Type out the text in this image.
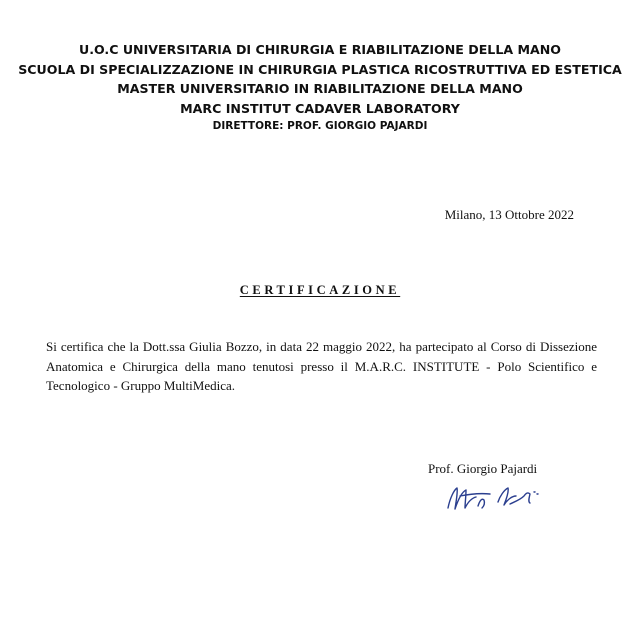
U.O.C UNIVERSITARIA DI CHIRURGIA E RIABILITAZIONE DELLA MANO
SCUOLA DI SPECIALIZZAZIONE IN CHIRURGIA PLASTICA RICOSTRUTTIVA ED ESTETICA
MASTER UNIVERSITARIO IN RIABILITAZIONE DELLA MANO
MARC INSTITUT CADAVER LABORATORY
DIRETTORE: PROF. GIORGIO PAJARDI
Milano, 13 Ottobre 2022
CERTIFICAZIONE
Si certifica che la Dott.ssa Giulia Bozzo, in data 22 maggio 2022, ha partecipato al Corso di Dissezione Anatomica e Chirurgica della mano tenutosi presso il M.A.R.C. INSTITUTE - Polo Scientifico e Tecnologico - Gruppo MultiMedica.
Prof. Giorgio Pajardi
